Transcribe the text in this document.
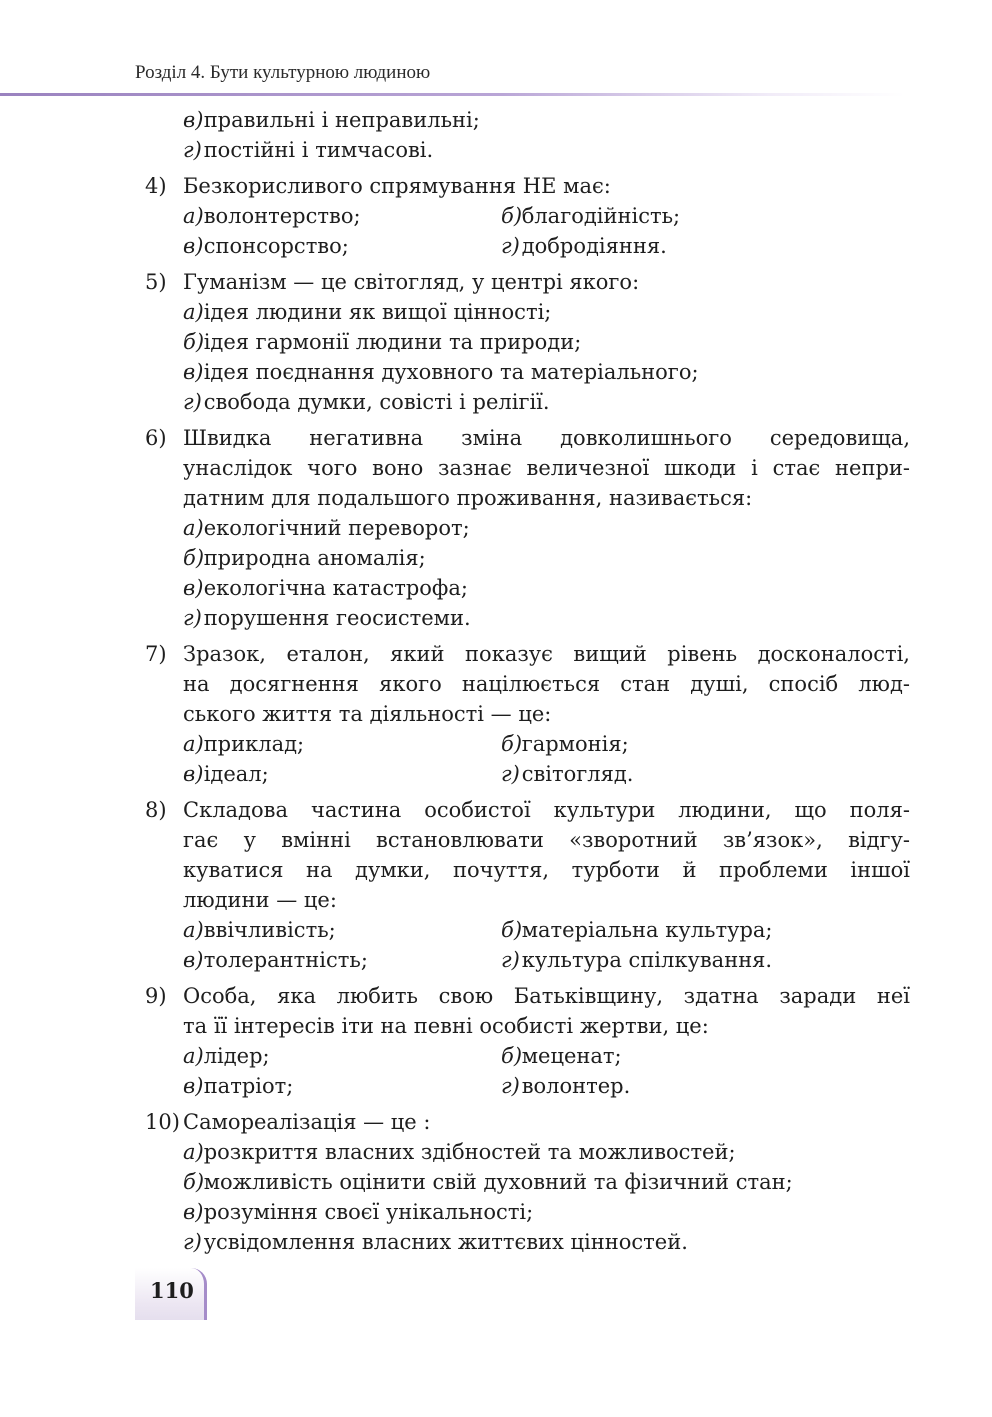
Розділ 4. Бути культурною людиною
в) правильні і неправильні;
г) постійні і тимчасові.
4) Безкорисливого спрямування НЕ має:
а) волонтерство;	б) благодійність;
в) спонсорство;	г) добродіяння.
5) Гуманізм — це світогляд, у центрі якого:
а) ідея людини як вищої цінності;
б) ідея гармонії людини та природи;
в) ідея поєднання духовного та матеріального;
г) свобода думки, совісті і релігії.
6) Швидка негативна зміна довколишнього середовища,
унаслідок чого воно зазнає величезної шкоди і стає непри-
датним для подальшого проживання, називається:
а) екологічний переворот;
б) природна аномалія;
в) екологічна катастрофа;
г) порушення геосистеми.
7) Зразок, еталон, який показує вищий рівень досконалості,
на досягнення якого націлюється стан душі, спосіб люд-
ського життя та діяльності — це:
а) приклад;	б) гармонія;
в) ідеал;	г) світогляд.
8) Складова частина особистої культури людини, що поля-
гає у вмінні встановлювати «зворотний зв’язок», відгу-
куватися на думки, почуття, турботи й проблеми іншої
людини — це:
а) ввічливість;	б) матеріальна культура;
в) толерантність;	г) культура спілкування.
9) Особа, яка любить свою Батьківщину, здатна заради неї
та її інтересів іти на певні особисті жертви, це:
а) лідер;	б) меценат;
в) патріот;	г) волонтер.
10) Самореалізація — це :
а) розкриття власних здібностей та можливостей;
б) можливість оцінити свій духовний та фізичний стан;
в) розуміння своєї унікальності;
г) усвідомлення власних життєвих цінностей.
110
